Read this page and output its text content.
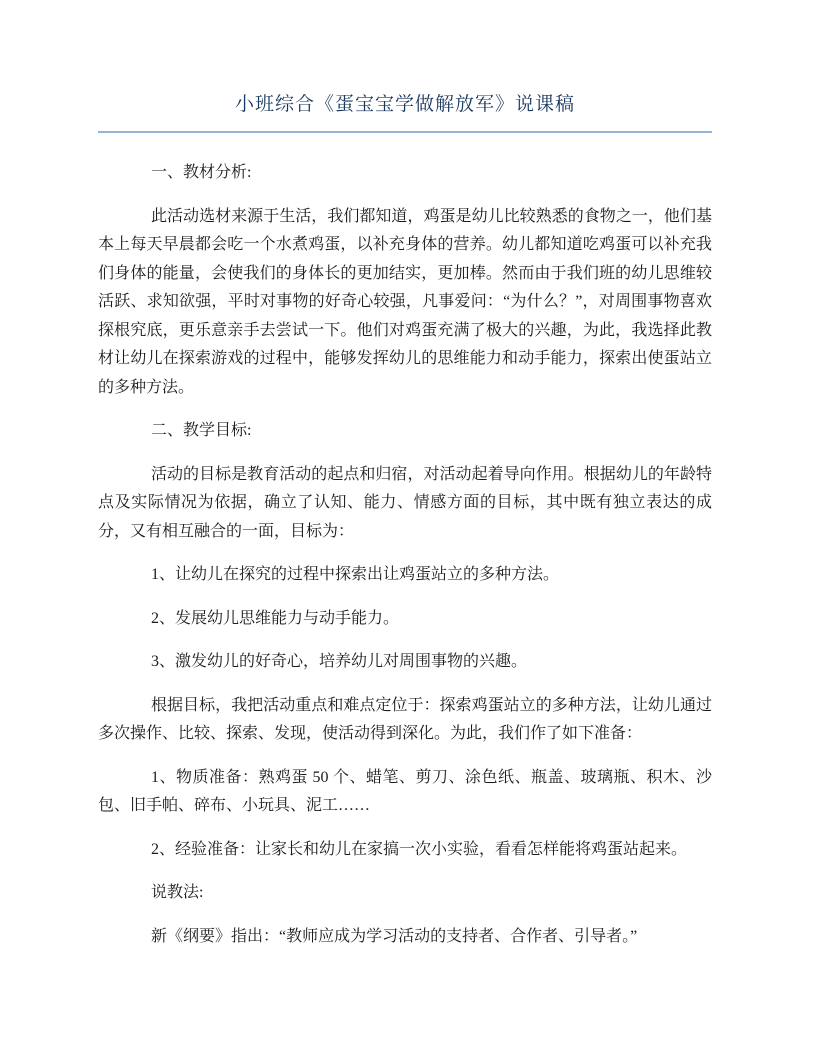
小班综合《蛋宝宝学做解放军》说课稿

一、教材分析:

此活动选材来源于生活，我们都知道，鸡蛋是幼儿比较熟悉的食物之一，他们基本上每天早晨都会吃一个水煮鸡蛋，以补充身体的营养。幼儿都知道吃鸡蛋可以补充我们身体的能量，会使我们的身体长的更加结实，更加棒。然而由于我们班的幼儿思维较活跃、求知欲强，平时对事物的好奇心较强，凡事爱问：“为什么？”，对周围事物喜欢探根究底，更乐意亲手去尝试一下。他们对鸡蛋充满了极大的兴趣，为此，我选择此教材让幼儿在探索游戏的过程中，能够发挥幼儿的思维能力和动手能力，探索出使蛋站立的多种方法。

二、教学目标:

活动的目标是教育活动的起点和归宿，对活动起着导向作用。根据幼儿的年龄特点及实际情况为依据，确立了认知、能力、情感方面的目标，其中既有独立表达的成分，又有相互融合的一面，目标为：

1、让幼儿在探究的过程中探索出让鸡蛋站立的多种方法。

2、发展幼儿思维能力与动手能力。

3、激发幼儿的好奇心，培养幼儿对周围事物的兴趣。

根据目标，我把活动重点和难点定位于：探索鸡蛋站立的多种方法，让幼儿通过多次操作、比较、探索、发现，使活动得到深化。为此，我们作了如下准备：

1、物质准备：熟鸡蛋 50 个、蜡笔、剪刀、涂色纸、瓶盖、玻璃瓶、积木、沙包、旧手帕、碎布、小玩具、泥工……

2、经验准备：让家长和幼儿在家搞一次小实验，看看怎样能将鸡蛋站起来。

说教法:

新《纲要》指出：“教师应成为学习活动的支持者、合作者、引导者。”
